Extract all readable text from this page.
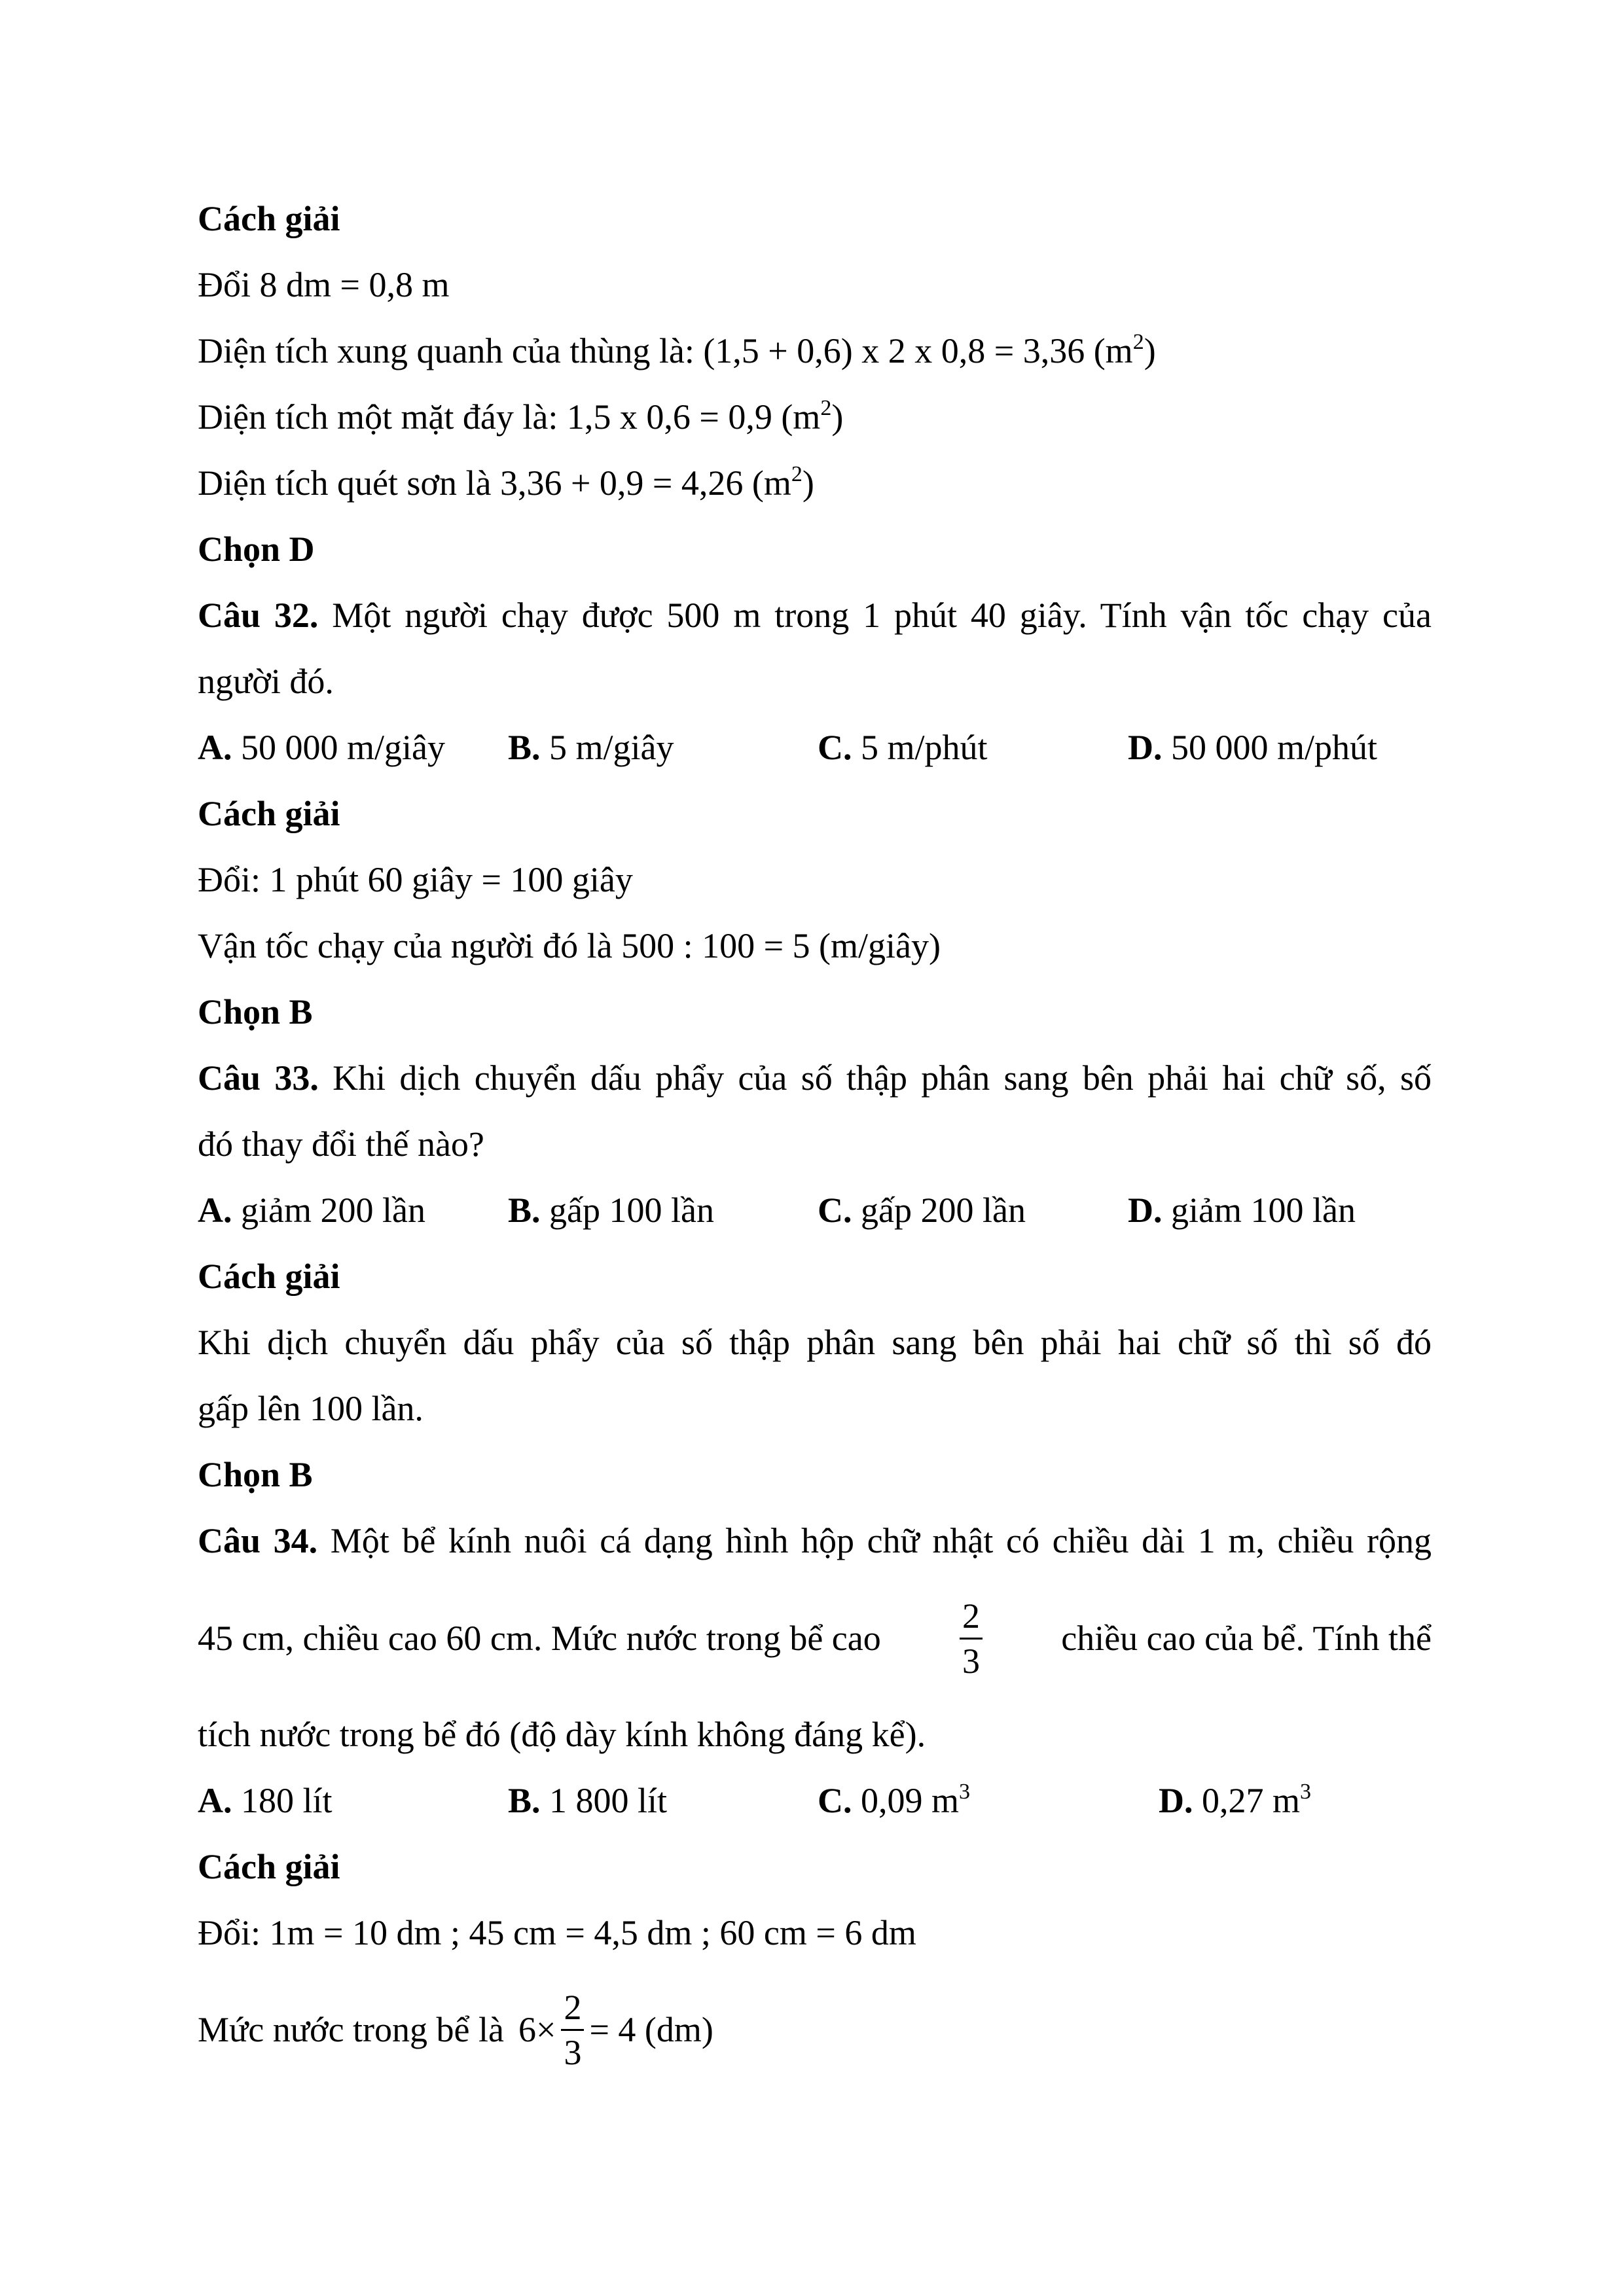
Cách giải
Đổi 8 dm = 0,8 m
Diện tích xung quanh của thùng là: (1,5 + 0,6) x 2 x 0,8 = 3,36 $(m^2)$
Diện tích một mặt đáy là: 1,5 x 0,6 = 0,9 $(m^2)$
Diện tích quét sơn là 3,36 + 0,9 = 4,26 $(m^2)$
Chọn D
Câu 32. Một người chạy được 500 m trong 1 phút 40 giây. Tính vận tốc chạy của
người đó.
A. 50 000 m/giây B. 5 m/giây	C. 5 m/phút	D. 50 000 m/phút
Cách giải
Đổi: 1 phút 60 giây = 100 giây
Vận tốc chạy của người đó là 500 : 100 = 5 (m/giây)
Chọn B
Câu 33. Khi dịch chuyển dấu phẩy của số thập phân sang bên phải hai chữ số, số
đó thay đổi thế nào?
A. giảm 200 lần B. gấp 100 lần	C. gấp 200 lần	D. giảm 100 lần
Cách giải
Khi dịch chuyển dấu phẩy của số thập phân sang bên phải hai chữ số thì số đó
gấp lên 100 lần.
Chọn B
Câu 34. Một bể kính nuôi cá dạng hình hộp chữ nhật có chiều dài 1 m, chiều rộng
45 cm, chiều cao 60 cm. Mức nước trong bể cao $\frac{2}{3}$ chiều cao của bể. Tính thể
tích nước trong bể đó (độ dày kính không đáng kể).
A. 180 lít	B. 1 800 lít	C. 0,09 $m^3$	D. 0,27 $m^3$
Cách giải
Đổi: 1m = 10 dm ; 45 cm = 4,5 dm ; 60 cm = 6 dm
Mức nước trong bể là $6\times \frac{2}{3} = 4$ (dm)
